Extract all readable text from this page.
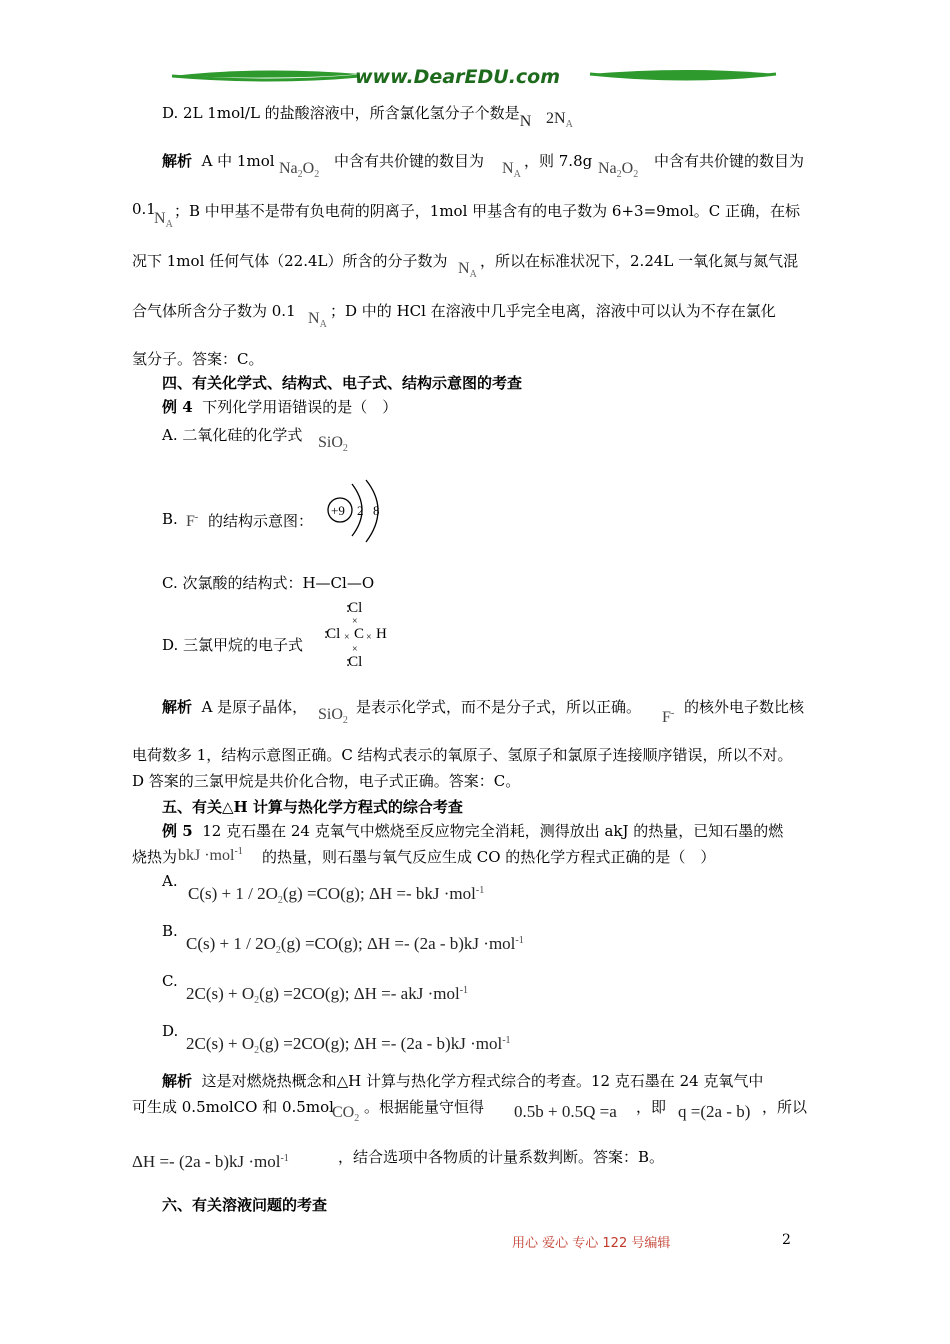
www.DearEDU.com
D. 2L 1mol/L 的盐酸溶液中，所含氯化氢分子个数是N $2N_A$
解析 A 中 1mol $Na_2O_2$
中含有共价键的数目为 $N_A$
，则 7.8g $Na_2O_2$
中含有共价键的数目为
0.1
$N_A$
；B 中甲基不是带有负电荷的阴离子，1mol 甲基含有的电子数为 6+3=9mol。C 正确，在标
况下 1mol 任何气体（22.4L）所含的分子数为 $N_A$
，所以在标准状况下，2.24L 一氧化氮与氮气混
合气体所含分子数为 0.1 $N_A$
；D 中的 HCl 在溶液中几乎完全电离，溶液中可以认为不存在氯化
氢分子。答案：C。
四、有关化学式、结构式、电子式、结构示意图的考查
例 4 下列化学用语错误的是（　）
A. 二氧化硅的化学式 SiO$_2$
B. F- 的结构示意图：
+9 2 8
C. 次氯酸的结构式：H—Cl—O
D. 三氯甲烷的电子式
:Cl
×
:Cl × C × H
×
:Cl
解析 A 是原子晶体， SiO$_2$
是表示化学式，而不是分子式，所以正确。
F- 的核外电子数比核
电荷数多 1，结构示意图正确。C 结构式表示的氧原子、氢原子和氯原子连接顺序错误，所以不对。
D 答案的三氯甲烷是共价化合物，电子式正确。答案：C。
五、有关△H 计算与热化学方程式的综合考查
例 5 12 克石墨在 24 克氧气中燃烧至反应物完全消耗，测得放出 akJ 的热量，已知石墨的燃
烧热为 bkJ ·mol$^{-1}$ 的热量，则石墨与氧气反应生成 CO 的热化学方程式正确的是（　）
A.
$C(s) + 1 / 2O_2(g) =CO(g)$; ΔH =- bkJ ·mol$^{-1}$
B.
$C(s) + 1 / 2O_2(g) =CO(g)$; ΔH =- (2a - b)kJ ·mol$^{-1}$
C.
$2C(s) + O_2(g) =2CO(g)$; ΔH =- akJ ·mol$^{-1}$
D.
$2C(s) + O_2(g) =2CO(g)$; ΔH =- (2a - b)kJ ·mol$^{-1}$
解析 这是对燃烧热概念和△H 计算与热化学方程式综合的考查。12 克石墨在 24 克氧气中
可生成 0.5molCO 和 0.5mol
$CO_2$
。根据能量守恒得 0.5b + 0.5Q =a ，即 q =(2a - b) ，所以
ΔH =- (2a - b)kJ ·mol$^{-1}$	，结合选项中各物质的计量系数判断。答案：B。
六、有关溶液问题的考查
用心 爱心 专心 122 号编辑	2
